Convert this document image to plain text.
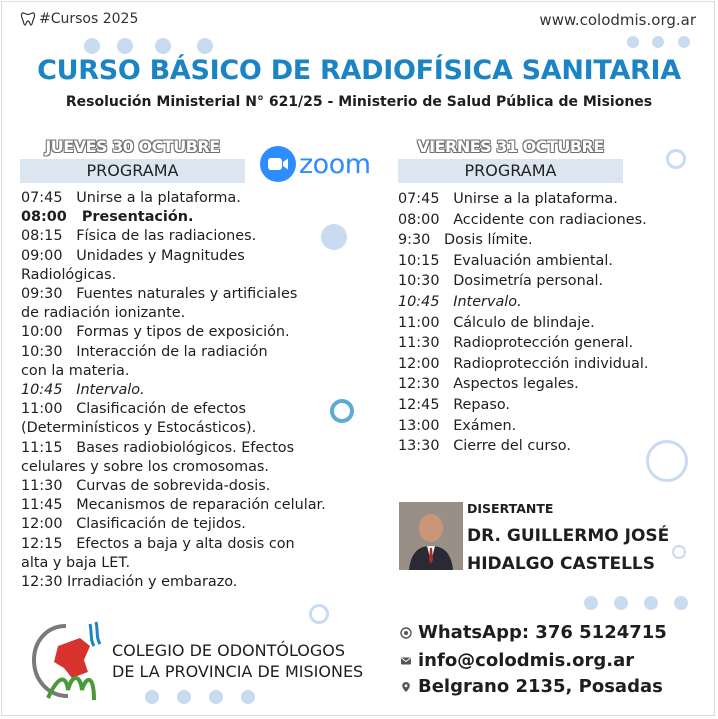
#Cursos 2025	www.colodmis.org.ar
CURSO BÁSICO DE RADIOFÍSICA SANITARIA
Resolución Ministerial N° 621/25 - Ministerio de Salud Pública de Misiones
JUEVES 30 OCTUBRE
PROGRAMA	zoom
07:45   Unirse a la plataforma.
08:00   Presentación.
08:15   Física de las radiaciones.
09:00   Unidades y Magnitudes
Radiológicas.
09:30   Fuentes naturales y artificiales
de radiación ionizante.
10:00   Formas y tipos de exposición.
10:30   Interacción de la radiación
con la materia.
10:45   Intervalo.
11:00   Clasificación de efectos
(Determinísticos y Estocásticos).
11:15   Bases radiobiológicos. Efectos
celulares y sobre los cromosomas.
11:30   Curvas de sobrevida-dosis.
11:45   Mecanismos de reparación celular.
12:00   Clasificación de tejidos.
12:15   Efectos a baja y alta dosis con
alta y baja LET.
12:30 Irradiación y embarazo.
VIERNES 31 OCTUBRE
PROGRAMA
07:45   Unirse a la plataforma.
08:00   Accidente con radiaciones.
9:30   Dosis límite.
10:15   Evaluación ambiental.
10:30   Dosimetría personal.
10:45   Intervalo.
11:00   Cálculo de blindaje.
11:30   Radioprotección general.
12:00   Radioprotección individual.
12:30   Aspectos legales.
12:45   Repaso.
13:00   Exámen.
13:30   Cierre del curso.
DISERTANTE
DR. GUILLERMO JOSÉ
HIDALGO CASTELLS
WhatsApp: 376 5124715
info@colodmis.org.ar
Belgrano 2135, Posadas
COLEGIO DE ODONTÓLOGOS
DE LA PROVINCIA DE MISIONES
